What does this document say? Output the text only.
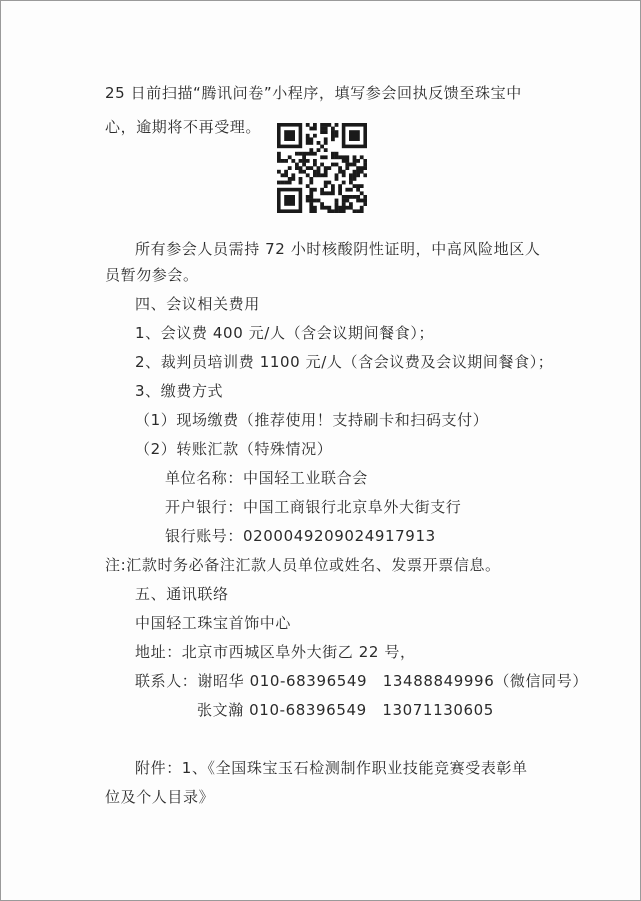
25 日前扫描“腾讯问卷”小程序，填写参会回执反馈至珠宝中
心，逾期将不再受理。
所有参会人员需持 72 小时核酸阴性证明，中高风险地区人
员暂勿参会。
四、会议相关费用
1、会议费 400 元/人（含会议期间餐食）；
2、裁判员培训费 1100 元/人（含会议费及会议期间餐食）；
3、缴费方式
（1）现场缴费（推荐使用！支持刷卡和扫码支付）
（2）转账汇款（特殊情况）
单位名称：中国轻工业联合会
开户银行：中国工商银行北京阜外大街支行
银行账号：0200049209024917913
注:汇款时务必备注汇款人员单位或姓名、发票开票信息。
五、通讯联络
中国轻工珠宝首饰中心
地址：北京市西城区阜外大街乙 22 号，
联系人：谢昭华 010-68396549　13488849996（微信同号）
张文瀚 010-68396549　13071130605
附件：1、《全国珠宝玉石检测制作职业技能竞赛受表彰单
位及个人目录》
